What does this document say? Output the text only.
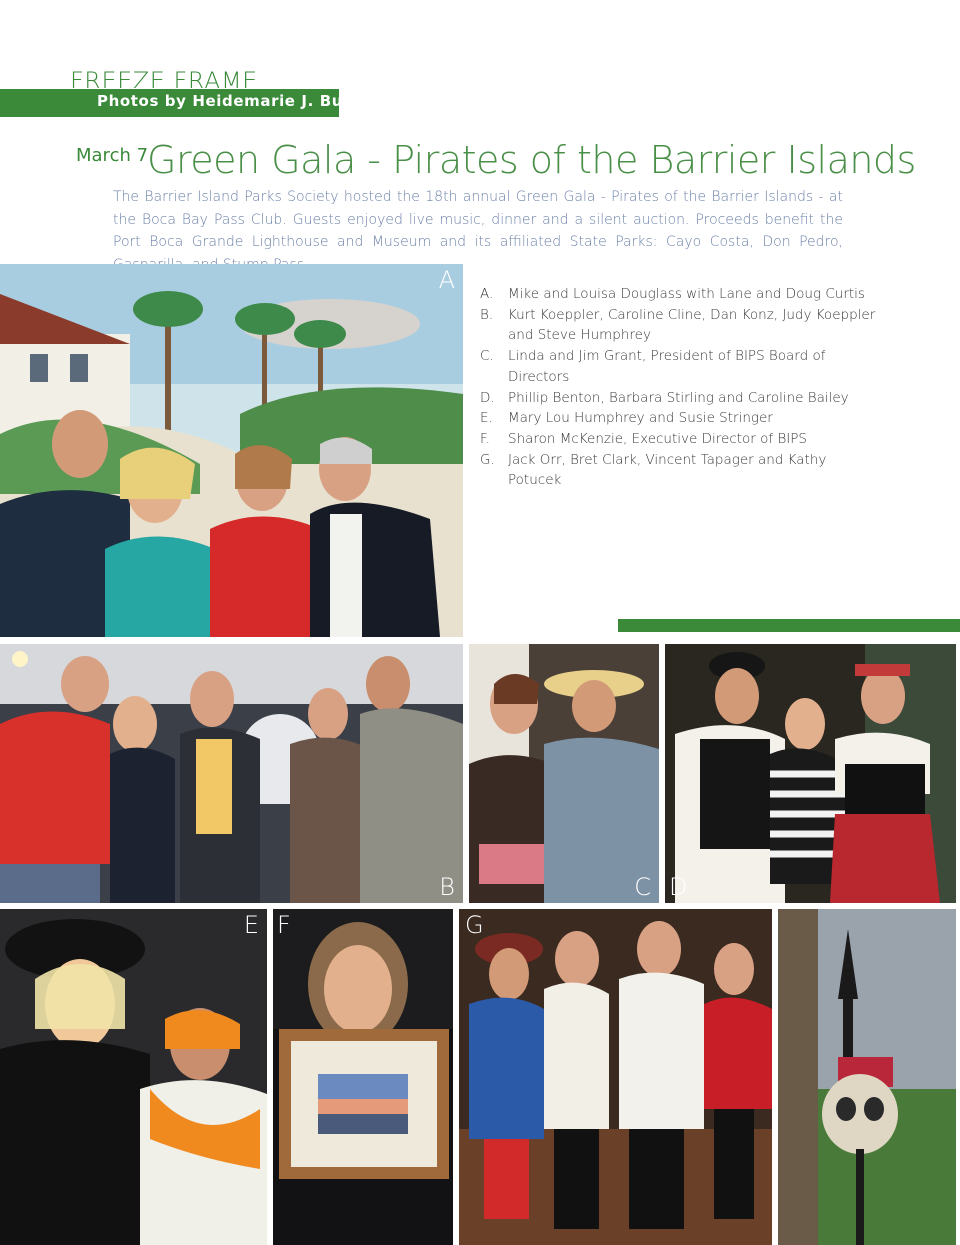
FREEZE FRAME
Photos by Heidemarie J. Burke
March 7
Green Gala - Pirates of the Barrier Islands
The Barrier Island Parks Society hosted the 18th annual Green Gala - Pirates of the Barrier Islands - at the Boca Bay Pass Club. Guests enjoyed live music, dinner and a silent auction. Proceeds benefit the Port Boca Grande Lighthouse and Museum and its affiliated State Parks: Cayo Costa, Don Pedro,
A A.	Mike and Louisa Douglass with Lane and Doug Curtis
B.	Kurt Koeppler, Caroline Cline, Dan Konz, Judy Koeppler and Steve Humphrey
C.	Linda and Jim Grant, President of BIPS Board of Directors
D. Phillip Benton, Barbara Stirling and Caroline Bailey
E.	Mary Lou Humphrey and Susie Stringer
F.	Sharon McKenzie, Executive Director of BIPS
G. Jack Orr, Bret Clark, Vincent Tapager and Kathy Potucek
B	C D
E F	G
